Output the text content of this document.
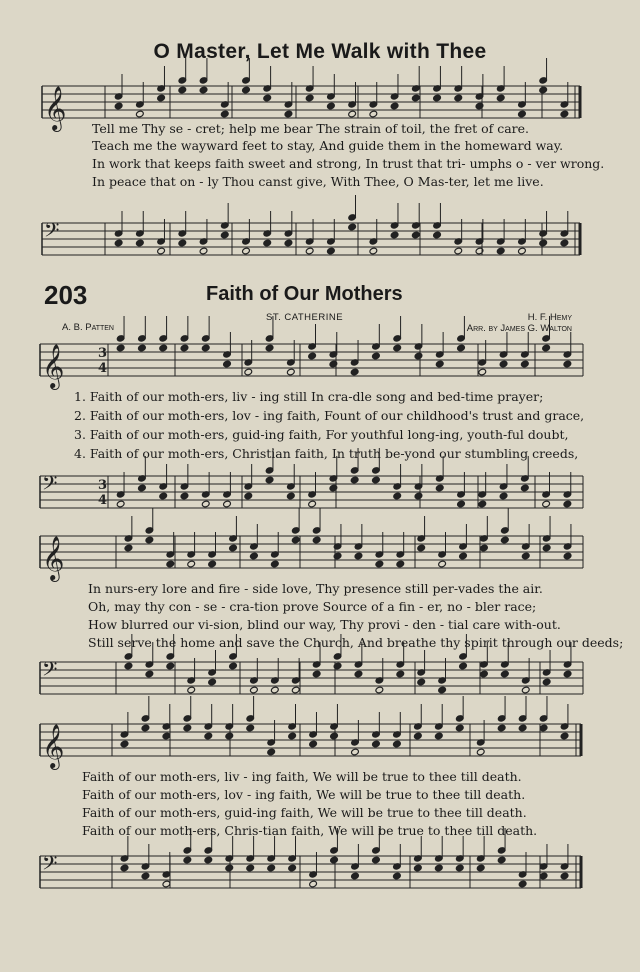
𝄞
𝄢
𝄞
𝄢
𝄞
𝄢
𝄞
𝄢
3
4
3
4
O Master, Let Me Walk with Thee
Tell me Thy se - cret; help me bear The strain of toil, the fret of care.
Teach me the wayward feet to stay, And guide them in the homeward way.
In work that keeps faith sweet and strong, In trust that tri- umphs o - ver wrong.
In peace that on - ly Thou canst give, With Thee, O Mas-ter, let me live.
203	Faith of Our Mothers
ST. CATHERINE
A. B. Patten
H. F. Hemy
Arr. by James G. Walton
1. Faith of our moth-ers, liv - ing still In cra-dle song and bed-time prayer;
2. Faith of our moth-ers, lov - ing faith, Fount of our childhood's trust and grace,
3. Faith of our moth-ers, guid-ing faith, For youthful long-ing, youth-ful doubt,
4. Faith of our moth-ers, Christian faith, In truth be-yond our stumbling creeds,
In nurs-ery lore and fire - side love, Thy presence still per-vades the air.
Oh, may thy con - se - cra-tion prove Source of a fin - er, no - bler race;
How blurred our vi-sion, blind our way, Thy provi - den - tial care with-out.
Still serve the home and save the Church, And breathe thy spirit through our deeds;
Faith of our moth-ers, liv - ing faith, We will be true to thee till death.
Faith of our moth-ers, lov - ing faith, We will be true to thee till death.
Faith of our moth-ers, guid-ing faith, We will be true to thee till death.
Faith of our moth-ers, Chris-tian faith, We will be true to thee till death.
